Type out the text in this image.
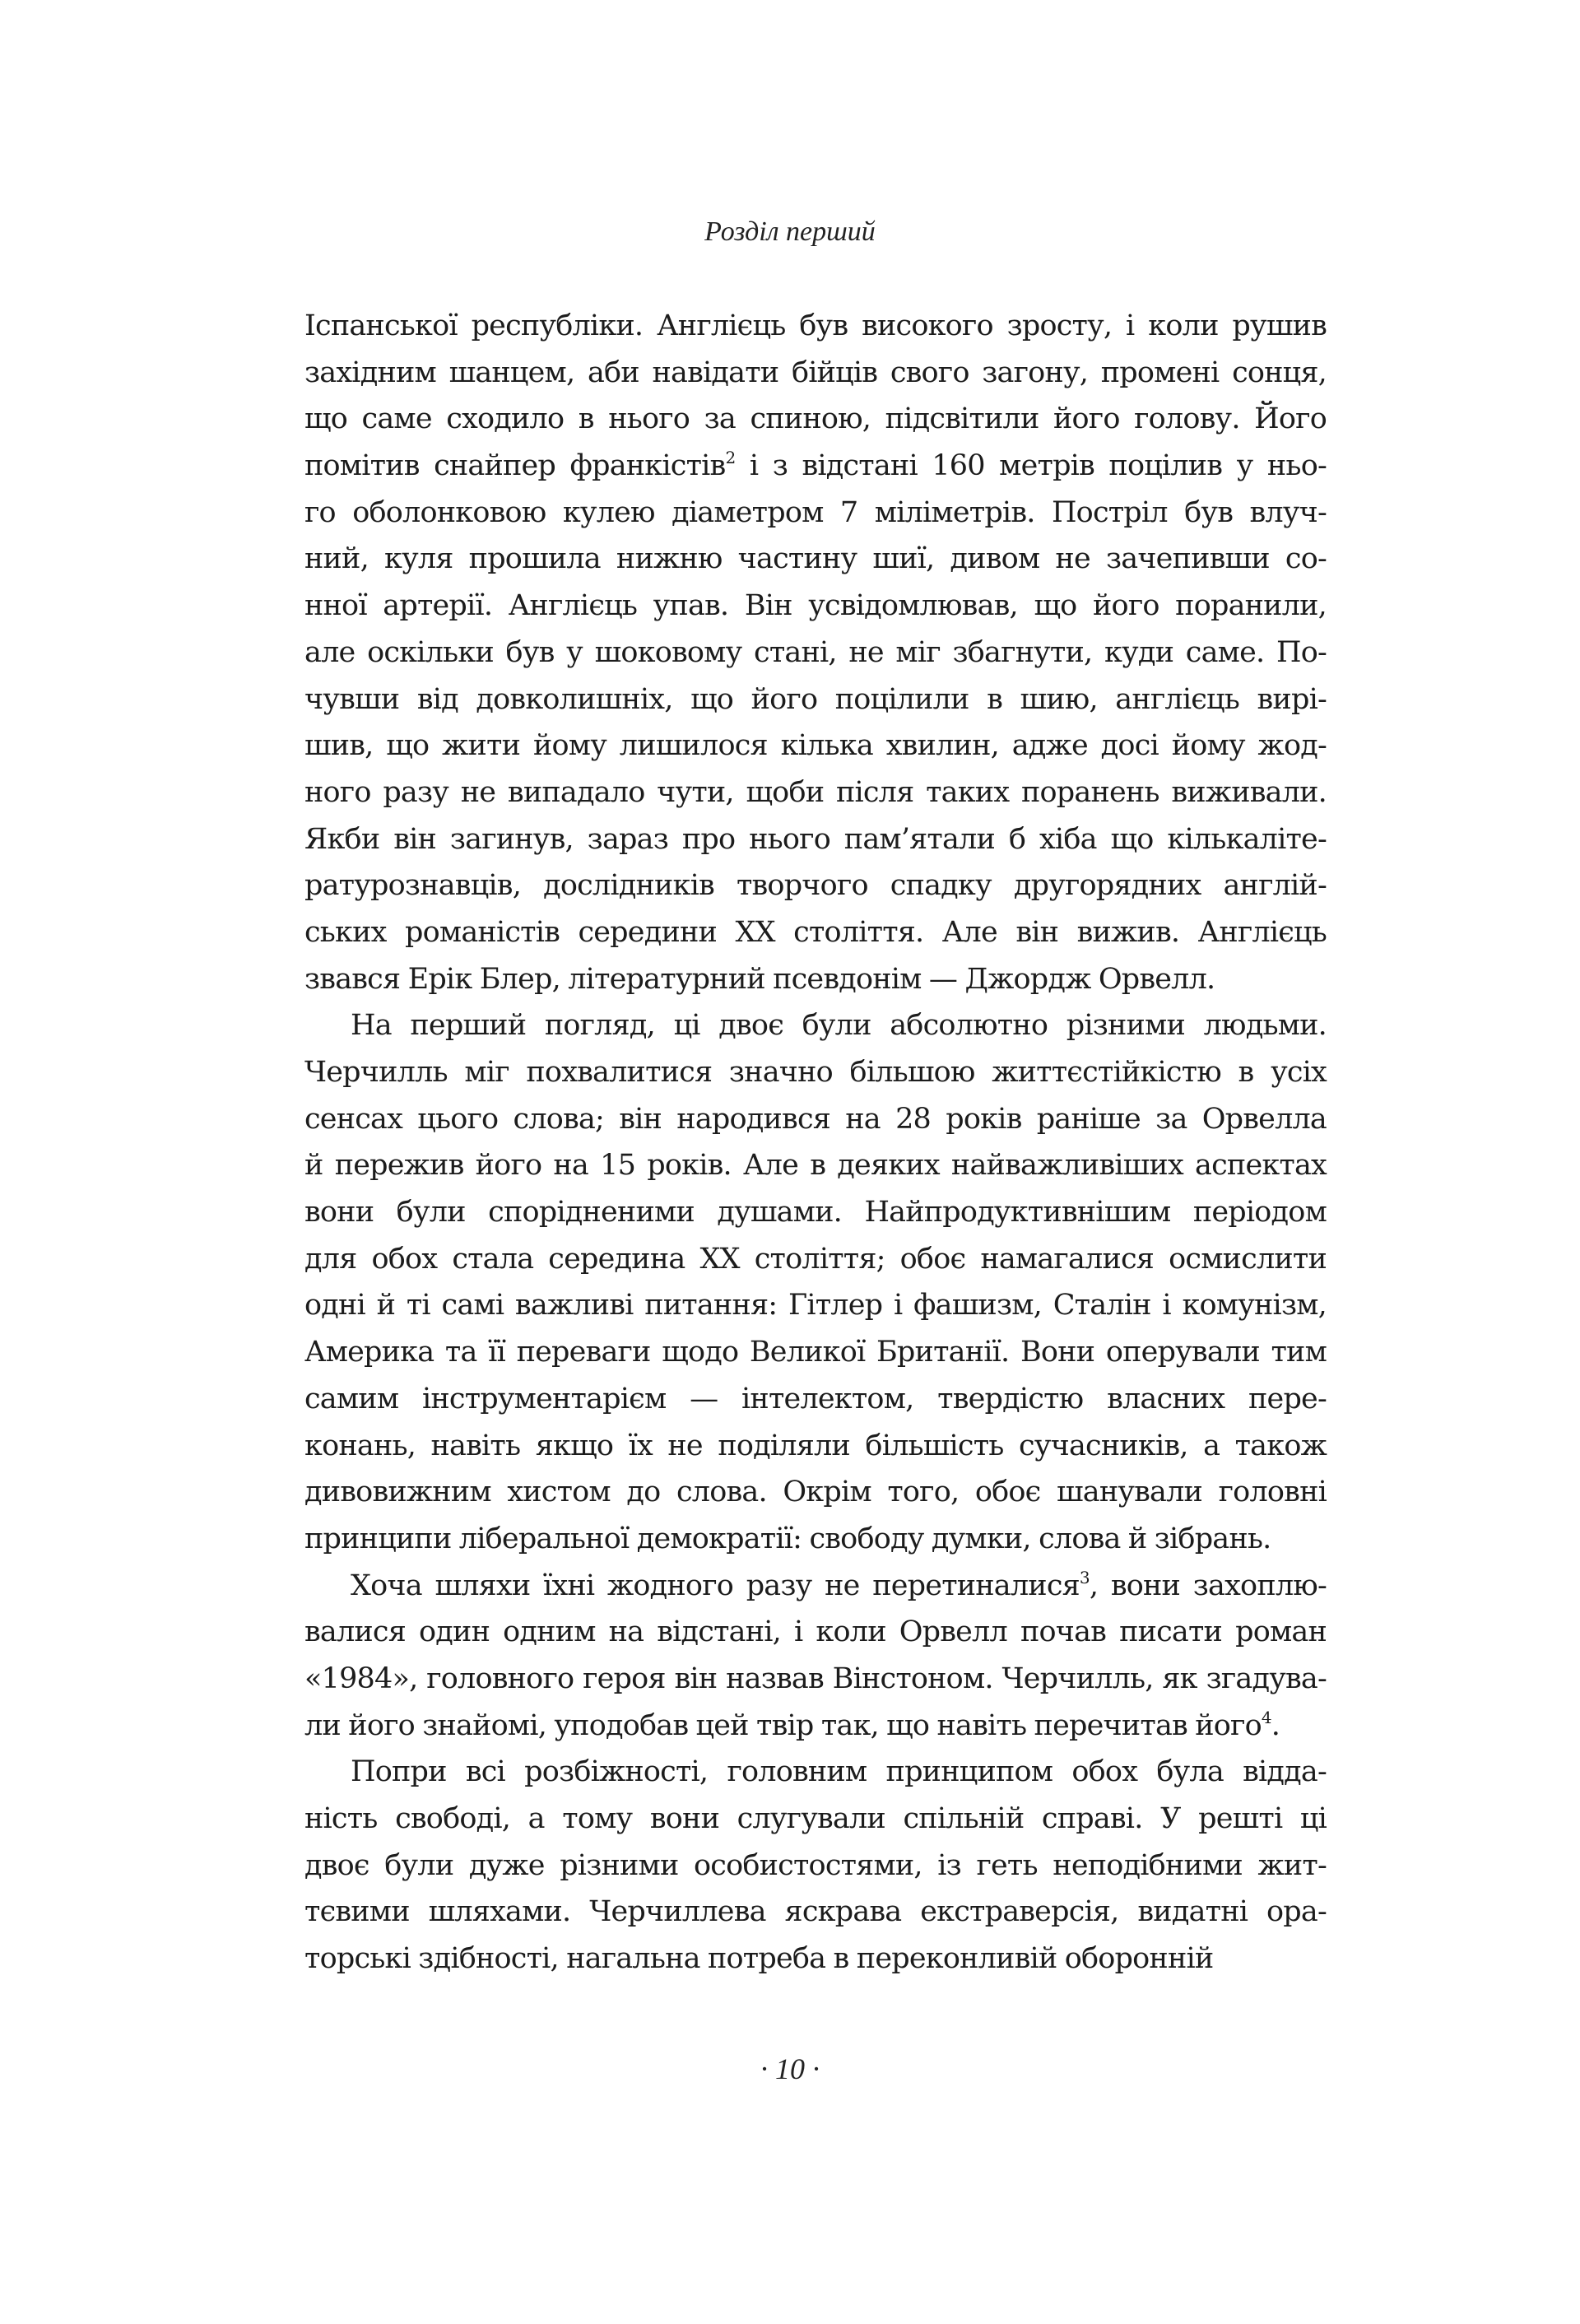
Розділ перший
Іспанської республіки. Англієць був високого зросту, і коли рушив
західним шанцем, аби навідати бійців свого загону, промені сонця,
що саме сходило в нього за спиною, підсвітили його голову. Його
помітив снайпер франкістів$^2$ і з відстані 160 метрів поцілив у ньо-
го оболонковою кулею діаметром 7 міліметрів. Постріл був влуч-
ний, куля прошила нижню частину шиї, дивом не зачепивши со-
нної артерії. Англієць упав. Він усвідомлював, що його поранили,
але оскільки був у шоковому стані, не міг збагнути, куди саме. По-
чувши від довколишніх, що його поцілили в шию, англієць вирі-
шив, що жити йому лишилося кілька хвилин, адже досі йому жод-
ного разу не випадало чути, щоби після таких поранень виживали.
Якби він загинув, зараз про нього пам’ятали б хіба що кількаліте-
ратурознавців, дослідників творчого спадку другорядних англій-
ських романістів середини XX століття. Але він вижив. Англієць
звався Ерік Блер, літературний псевдонім — Джордж Орвелл.
На перший погляд, ці двоє були абсолютно різними людьми.
Черчилль міг похвалитися значно більшою життєстійкістю в усіх
сенсах цього слова; він народився на 28 років раніше за Орвелла
й пережив його на 15 років. Але в деяких найважливіших аспектах
вони були спорідненими душами. Найпродуктивнішим періодом
для обох стала середина XX століття; обоє намагалися осмислити
одні й ті самі важливі питання: Гітлер і фашизм, Сталін і комунізм,
Америка та її переваги щодо Великої Британії. Вони оперували тим
самим інструментарієм — інтелектом, твердістю власних пере-
конань, навіть якщо їх не поділяли більшість сучасників, а також
дивовижним хистом до слова. Окрім того, обоє шанували головні
принципи ліберальної демократії: свободу думки, слова й зібрань.
Хоча шляхи їхні жодного разу не перетиналися$^3$, вони захоплю-
валися один одним на відстані, і коли Орвелл почав писати роман
«1984», головного героя він назвав Вінстоном. Черчилль, як згадува-
ли його знайомі, уподобав цей твір так, що навіть перечитав його$^4$.
Попри всі розбіжності, головним принципом обох була відда-
ність свободі, а тому вони слугували спільній справі. У решті ці
двоє були дуже різними особистостями, із геть неподібними жит-
тєвими шляхами. Черчиллева яскрава екстраверсія, видатні ора-
торські здібності, нагальна потреба в переконливій оборонній
· 10 ·
